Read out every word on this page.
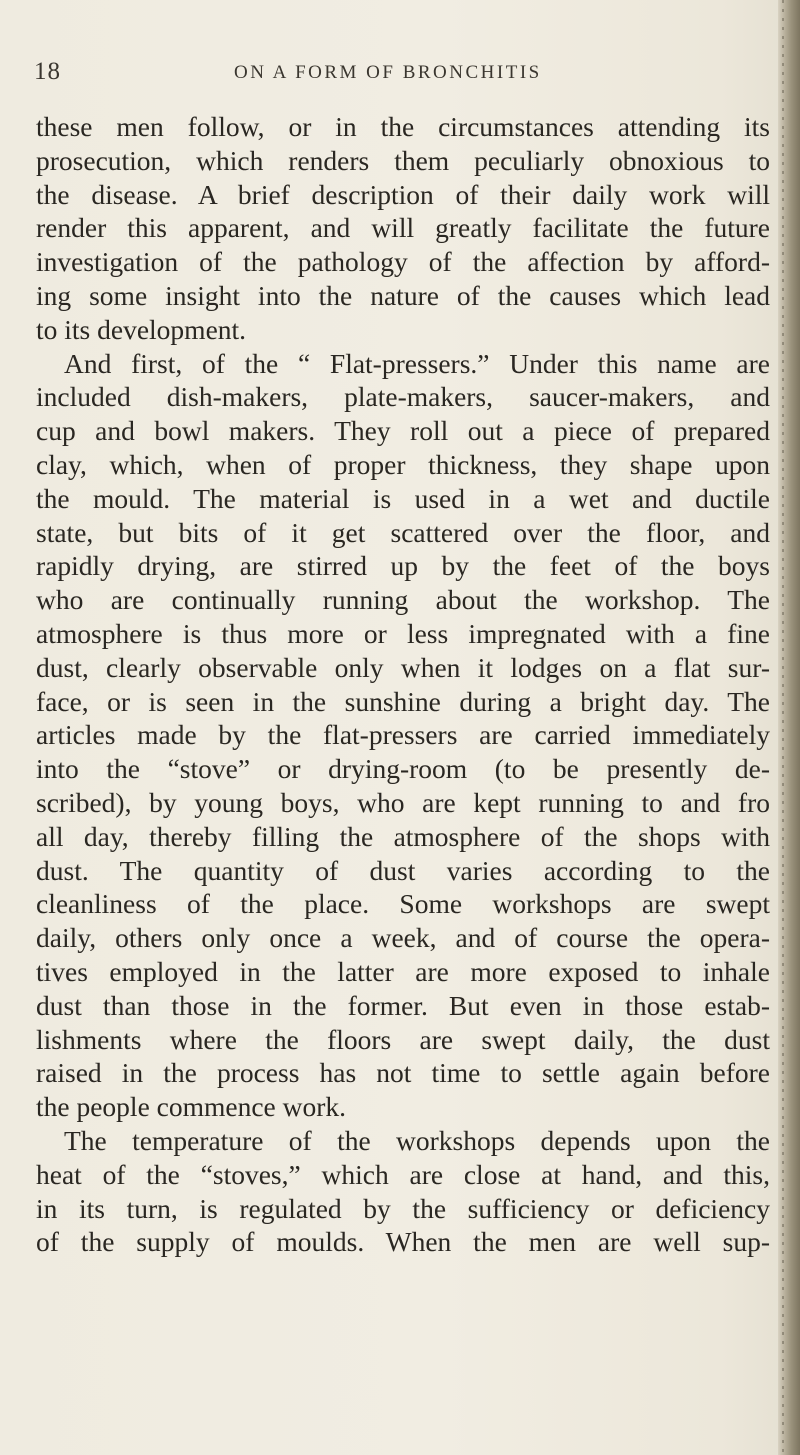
18	ON A FORM OF BRONCHITIS
these men follow, or in the circumstances attending its
prosecution, which renders them peculiarly obnoxious to
the disease. A brief description of their daily work will
render this apparent, and will greatly facilitate the future
investigation of the pathology of the affection by afford-
ing some insight into the nature of the causes which lead
to its development.
And first, of the “ Flat-pressers.” Under this name are
included dish-makers, plate-makers, saucer-makers, and
cup and bowl makers. They roll out a piece of prepared
clay, which, when of proper thickness, they shape upon
the mould. The material is used in a wet and ductile
state, but bits of it get scattered over the floor, and
rapidly drying, are stirred up by the feet of the boys
who are continually running about the workshop. The
atmosphere is thus more or less impregnated with a fine
dust, clearly observable only when it lodges on a flat sur-
face, or is seen in the sunshine during a bright day. The
articles made by the flat-pressers are carried immediately
into the “stove” or drying-room (to be presently de-
scribed), by young boys, who are kept running to and fro
all day, thereby filling the atmosphere of the shops with
dust. The quantity of dust varies according to the
cleanliness of the place. Some workshops are swept
daily, others only once a week, and of course the opera-
tives employed in the latter are more exposed to inhale
dust than those in the former. But even in those estab-
lishments where the floors are swept daily, the dust
raised in the process has not time to settle again before
the people commence work.
The temperature of the workshops depends upon the
heat of the “stoves,” which are close at hand, and this,
in its turn, is regulated by the sufficiency or deficiency
of the supply of moulds. When the men are well sup-
